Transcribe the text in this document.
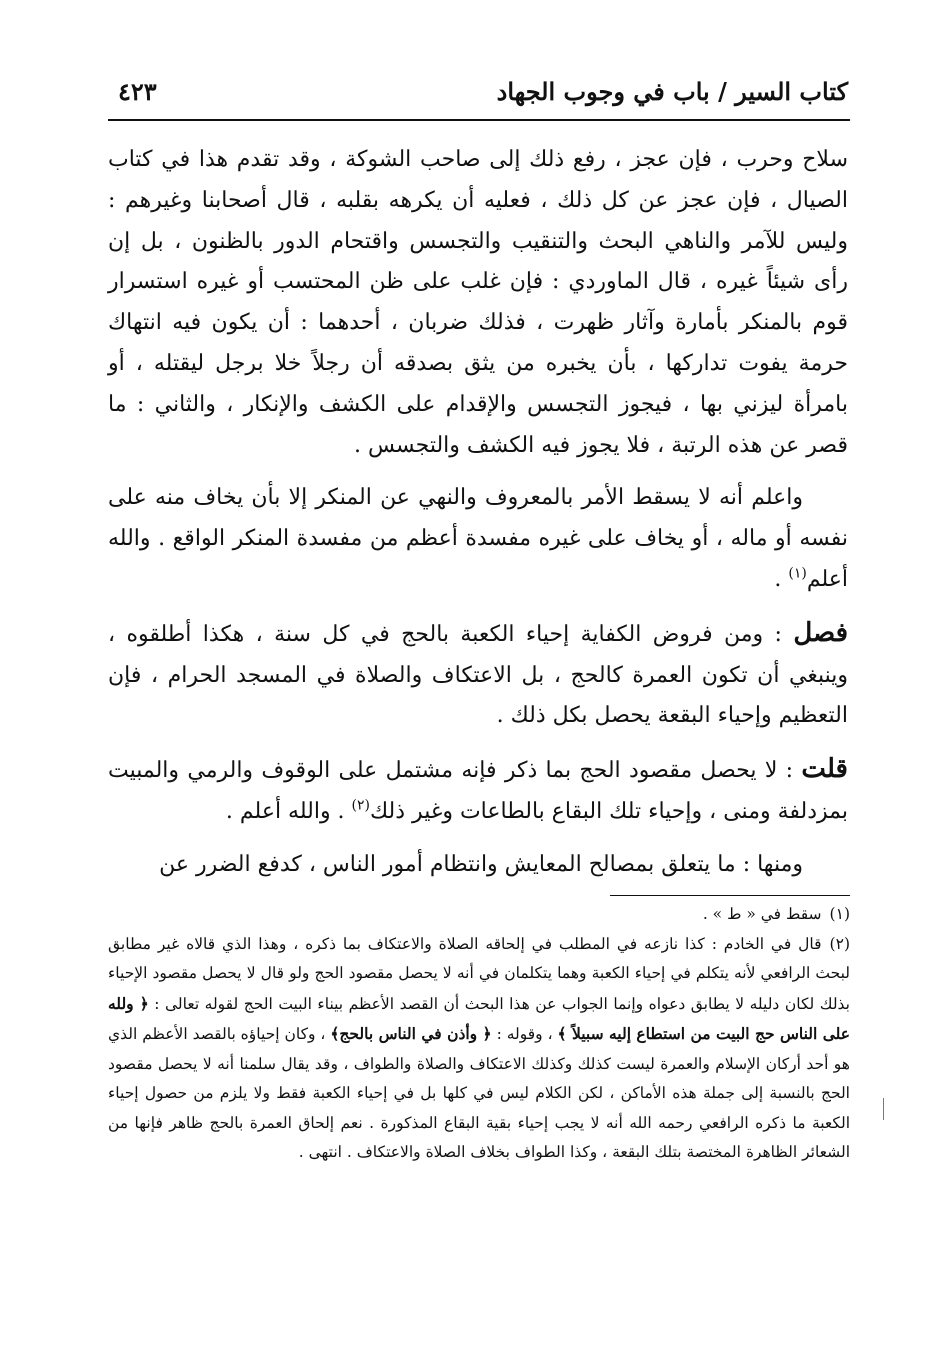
كتاب السير / باب في وجوب الجهاد
٤٢٣

سلاح وحرب ، فإن عجز ، رفع ذلك إلى صاحب الشوكة ، وقد تقدم هذا في كتاب الصيال ، فإن عجز عن كل ذلك ، فعليه أن يكرهه بقلبه ، قال أصحابنا وغيرهم : وليس للآمر والناهي البحث والتنقيب والتجسس واقتحام الدور بالظنون ، بل إن رأى شيئاً غيره ، قال الماوردي : فإن غلب على ظن المحتسب أو غيره استسرار قوم بالمنكر بأمارة وآثار ظهرت ، فذلك ضربان ، أحدهما : أن يكون فيه انتهاك حرمة يفوت تداركها ، بأن يخبره من يثق بصدقه أن رجلاً خلا برجل ليقتله ، أو بامرأة ليزني بها ، فيجوز التجسس والإقدام على الكشف والإنكار ، والثاني : ما قصر عن هذه الرتبة ، فلا يجوز فيه الكشف والتجسس .

واعلم أنه لا يسقط الأمر بالمعروف والنهي عن المنكر إلا بأن يخاف منه على نفسه أو ماله ، أو يخاف على غيره مفسدة أعظم من مفسدة المنكر الواقع . والله أعلم$^{(١)}$ .

فصل : ومن فروض الكفاية إحياء الكعبة بالحج في كل سنة ، هكذا أطلقوه ، وينبغي أن تكون العمرة كالحج ، بل الاعتكاف والصلاة في المسجد الحرام ، فإن التعظيم وإحياء البقعة يحصل بكل ذلك .

قلت : لا يحصل مقصود الحج بما ذكر فإنه مشتمل على الوقوف والرمي والمبيت بمزدلفة ومنى ، وإحياء تلك البقاع بالطاعات وغير ذلك$^{(٢)}$ . والله أعلم .

ومنها : ما يتعلق بمصالح المعايش وانتظام أمور الناس ، كدفع الضرر عن

(١)سقط في « ط » .

(٢)قال في الخادم : كذا نازعه في المطلب في إلحاقه الصلاة والاعتكاف بما ذكره ، وهذا الذي قالاه غير مطابق لبحث الرافعي لأنه يتكلم في إحياء الكعبة وهما يتكلمان في أنه لا يحصل مقصود الحج ولو قال لا يحصل مقصود الإحياء بذلك لكان دليله لا يطابق دعواه وإنما الجواب عن هذا البحث أن القصد الأعظم بيناء البيت الحج لقوله تعالى : ﴿ ولله على الناس حج البيت من استطاع إليه سبيلاً ﴾ ، وقوله : ﴿ وأذن في الناس بالحج﴾ ، وكان إحياؤه بالقصد الأعظم الذي هو أحد أركان الإسلام والعمرة ليست كذلك وكذلك الاعتكاف والصلاة والطواف ، وقد يقال سلمنا أنه لا يحصل مقصود الحج بالنسبة إلى جملة هذه الأماكن ، لكن الكلام ليس في كلها بل في إحياء الكعبة فقط ولا يلزم من حصول إحياء الكعبة ما ذكره الرافعي رحمه الله أنه لا يجب إحياء بقية البقاع المذكورة . نعم إلحاق العمرة بالحج ظاهر فإنها من الشعائر الظاهرة المختصة بتلك البقعة ، وكذا الطواف بخلاف الصلاة والاعتكاف . انتهى .
